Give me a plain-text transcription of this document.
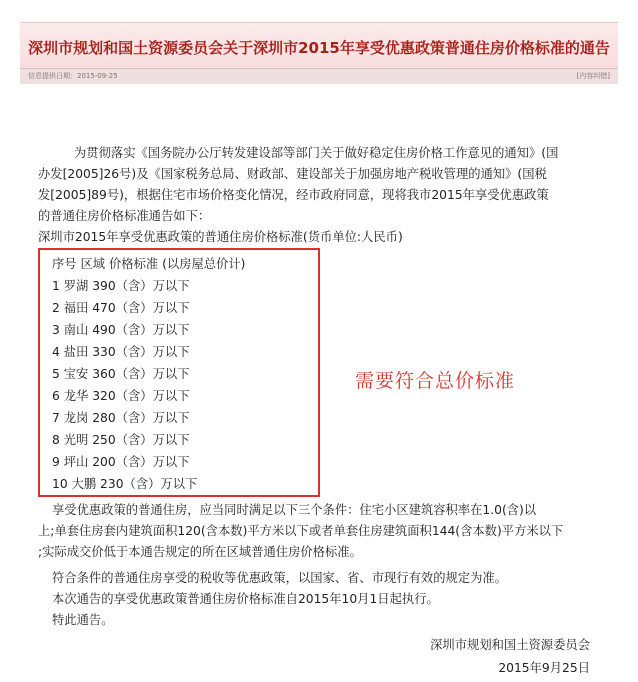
深圳市规划和国土资源委员会关于深圳市2015年享受优惠政策普通住房价格标准的通告
信息提供日期：2015-09-25	[内容纠错]
为贯彻落实《国务院办公厅转发建设部等部门关于做好稳定住房价格工作意见的通知》(国
办发[2005]26号)及《国家税务总局、财政部、建设部关于加强房地产税收管理的通知》(国税
发[2005]89号)，根据住宅市场价格变化情况，经市政府同意，现将我市2015年享受优惠政策
的普通住房价格标准通告如下：
深圳市2015年享受优惠政策的普通住房价格标准(货币单位:人民币)
序号 区域 价格标准 (以房屋总价计)
1 罗湖 390（含）万以下
2 福田 470（含）万以下
3 南山 490（含）万以下
4 盐田 330（含）万以下
5 宝安 360（含）万以下
6 龙华 320（含）万以下
7 龙岗 280（含）万以下
8 光明 250（含）万以下
9 坪山 200（含）万以下
10 大鹏 230（含）万以下
需要符合总价标准
享受优惠政策的普通住房，应当同时满足以下三个条件：住宅小区建筑容积率在1.0(含)以
上;单套住房套内建筑面积120(含本数)平方米以下或者单套住房建筑面积144(含本数)平方米以下
;实际成交价低于本通告规定的所在区域普通住房价格标准。
符合条件的普通住房享受的税收等优惠政策，以国家、省、市现行有效的规定为准。
本次通告的享受优惠政策普通住房价格标准自2015年10月1日起执行。
特此通告。
深圳市规划和国土资源委员会
2015年9月25日
